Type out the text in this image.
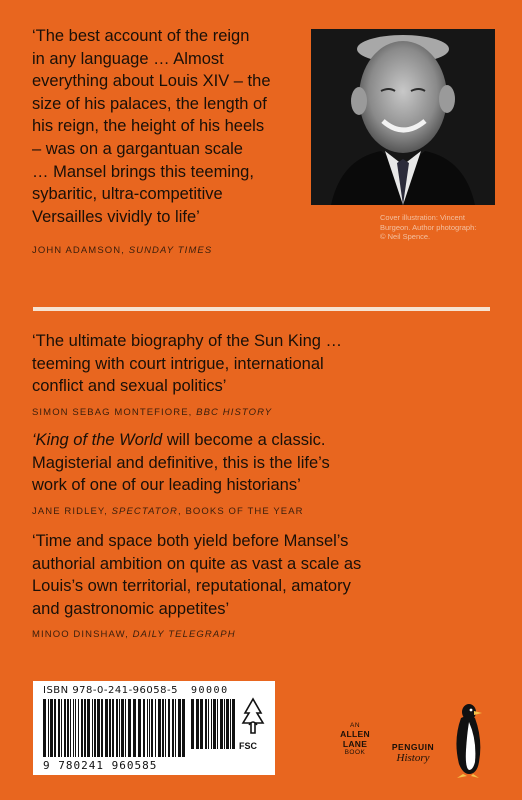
‘The best account of the reign
in any language … Almost
everything about Louis XIV – the
size of his palaces, the length of
his reign, the height of his heels
– was on a gargantuan scale
… Mansel brings this teeming,
sybaritic, ultra-competitive
Versailles vividly to life’
JOHN ADAMSON, SUNDAY TIMES
Cover illustration: Vincent
Burgeon. Author photograph:
© Neil Spence.
‘The ultimate biography of the Sun King …
teeming with court intrigue, international
conflict and sexual politics’
SIMON SEBAG MONTEFIORE, BBC HISTORY
‘King of the World will become a classic.
Magisterial and definitive, this is the life’s
work of one of our leading historians’
JANE RIDLEY, SPECTATOR, BOOKS OF THE YEAR
‘Time and space both yield before Mansel’s
authorial ambition on quite as vast a scale as
Louis’s own territorial, reputational, amatory
and gastronomic appetites’
MINOO DINSHAW, DAILY TELEGRAPH
ISBN 978-0-241-96058-5 90000
FSC
9 780241 960585
AN
ALLEN
LANE
BOOK
PENGUIN
History
